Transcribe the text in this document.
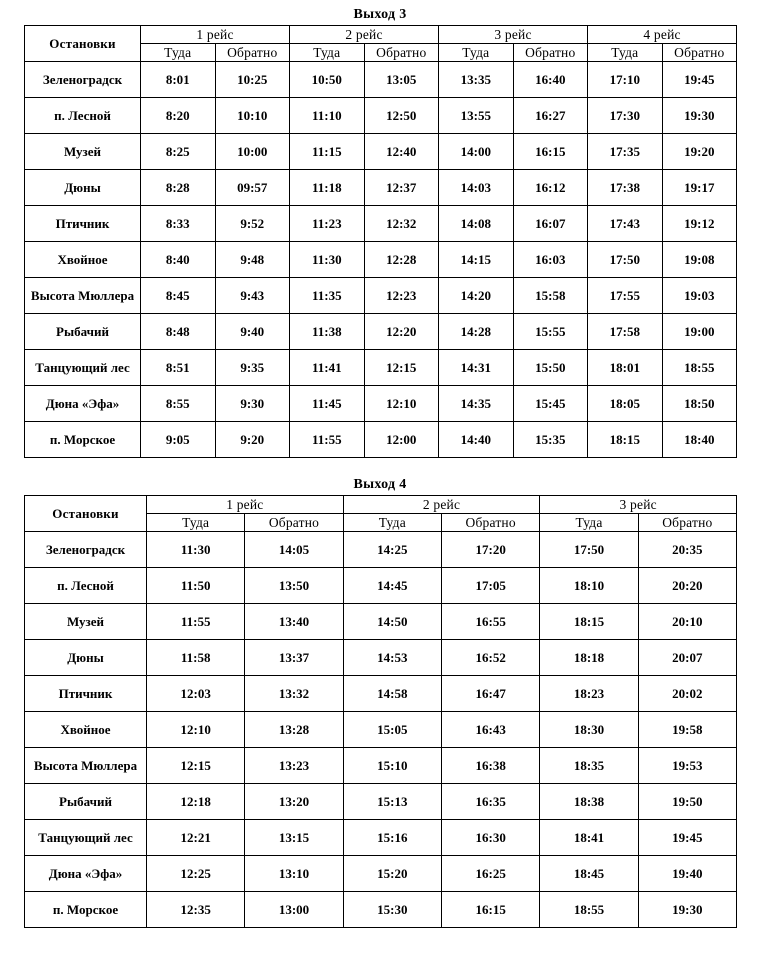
Выход 3
Остановки	1 рейс		2 рейс		3 рейс		4 рейс	
	Туда	Обратно	Туда	Обратно	Туда	Обратно	Туда	Обратно
Зеленоградск	8:01	10:25	10:50	13:05	13:35	16:40	17:10	19:45
п. Лесной	8:20	10:10	11:10	12:50	13:55	16:27	17:30	19:30
Музей	8:25	10:00	11:15	12:40	14:00	16:15	17:35	19:20
Дюны	8:28	09:57	11:18	12:37	14:03	16:12	17:38	19:17
Птичник	8:33	9:52	11:23	12:32	14:08	16:07	17:43	19:12
Хвойное	8:40	9:48	11:30	12:28	14:15	16:03	17:50	19:08
Высота Мюллера	8:45	9:43	11:35	12:23	14:20	15:58	17:55	19:03
Рыбачий	8:48	9:40	11:38	12:20	14:28	15:55	17:58	19:00
Танцующий лес	8:51	9:35	11:41	12:15	14:31	15:50	18:01	18:55
Дюна «Эфа»	8:55	9:30	11:45	12:10	14:35	15:45	18:05	18:50
п. Морское	9:05	9:20	11:55	12:00	14:40	15:35	18:15	18:40
Выход 4
Остановки	1 рейс		2 рейс		3 рейс	
	Туда	Обратно	Туда	Обратно	Туда	Обратно
Зеленоградск	11:30	14:05	14:25	17:20	17:50	20:35
п. Лесной	11:50	13:50	14:45	17:05	18:10	20:20
Музей	11:55	13:40	14:50	16:55	18:15	20:10
Дюны	11:58	13:37	14:53	16:52	18:18	20:07
Птичник	12:03	13:32	14:58	16:47	18:23	20:02
Хвойное	12:10	13:28	15:05	16:43	18:30	19:58
Высота Мюллера	12:15	13:23	15:10	16:38	18:35	19:53
Рыбачий	12:18	13:20	15:13	16:35	18:38	19:50
Танцующий лес	12:21	13:15	15:16	16:30	18:41	19:45
Дюна «Эфа»	12:25	13:10	15:20	16:25	18:45	19:40
п. Морское	12:35	13:00	15:30	16:15	18:55	19:30
